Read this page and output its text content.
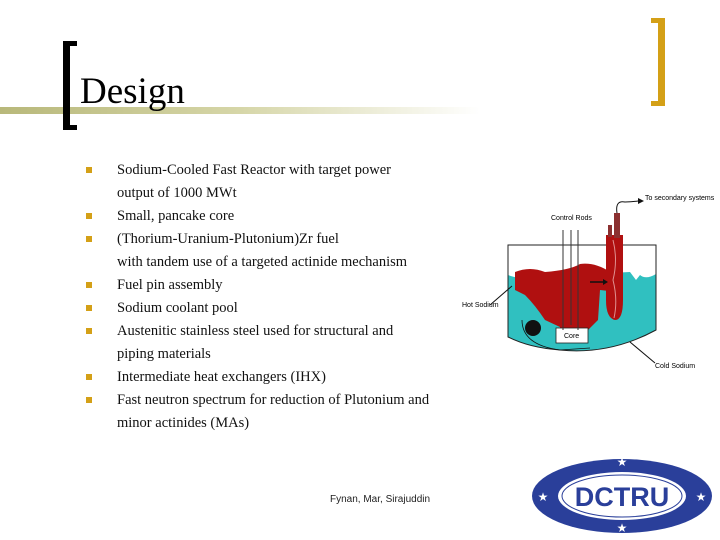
Design
Sodium-Cooled Fast Reactor with target power
output of 1000 MWt
Small, pancake core
(Thorium-Uranium-Plutonium)Zr fuel
with tandem use of a targeted actinide mechanism
Fuel pin assembly
Sodium coolant pool
Austenitic stainless steel used for structural and
piping materials
Intermediate heat exchangers (IHX)
Fast neutron spectrum for reduction of Plutonium and
minor actinides (MAs)
To secondary systems
Control Rods
Hot Sodium
Core
Cold Sodium
Fynan, Mar, Sirajuddin
★
★
★	★
DCTRU
